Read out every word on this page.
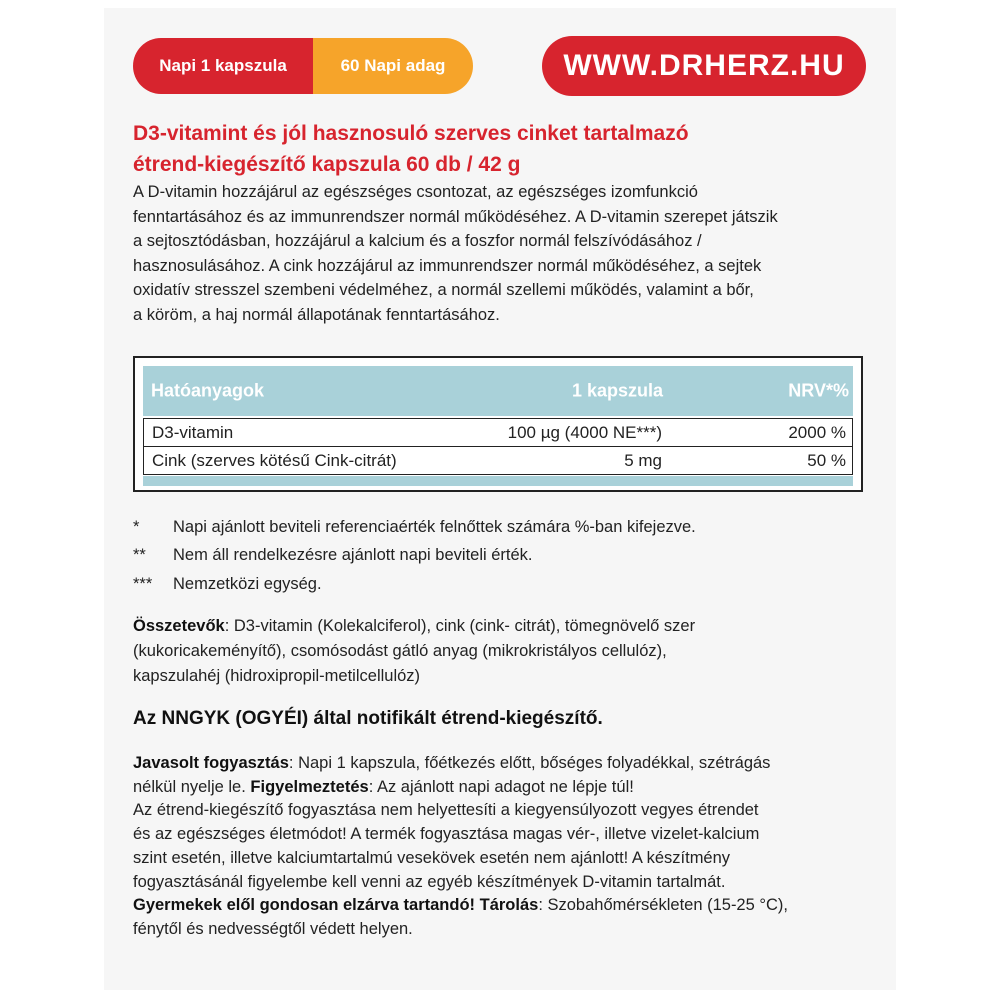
Napi 1 kapszula	60 Napi adag	WWW.DRHERZ.HU
D3-vitamint és jól hasznosuló szerves cinket tartalmazó
étrend-kiegészítő kapszula 60 db / 42 g
A D-vitamin hozzájárul az egészséges csontozat, az egészséges izomfunkció
fenntartásához és az immunrendszer normál működéséhez. A D-vitamin szerepet játszik
a sejtosztódásban, hozzájárul a kalcium és a foszfor normál felszívódásához /
hasznosulásához. A cink hozzájárul az immunrendszer normál működéséhez, a sejtek
oxidatív stresszel szembeni védelméhez, a normál szellemi működés, valamint a bőr,
a köröm, a haj normál állapotának fenntartásához.
Hatóanyagok	1 kapszula	NRV*%
D3-vitamin	100 µg (4000 NE***)	2000 %
Cink (szerves kötésű Cink-citrát)	5 mg	50 %
* Napi ajánlott beviteli referenciaérték felnőttek számára %-ban kifejezve.
** Nem áll rendelkezésre ajánlott napi beviteli érték.
*** Nemzetközi egység.
Összetevők: D3-vitamin (Kolekalciferol), cink (cink- citrát), tömegnövelő szer
(kukoricakeményítő), csomósodást gátló anyag (mikrokristályos cellulóz),
kapszulahéj (hidroxipropil-metilcellulóz)
Az NNGYK (OGYÉI) által notifikált étrend-kiegészítő.
Javasolt fogyasztás: Napi 1 kapszula, főétkezés előtt, bőséges folyadékkal, szétrágás
nélkül nyelje le. Figyelmeztetés: Az ajánlott napi adagot ne lépje túl!
Az étrend-kiegészítő fogyasztása nem helyettesíti a kiegyensúlyozott vegyes étrendet
és az egészséges életmódot! A termék fogyasztása magas vér-, illetve vizelet-kalcium
szint esetén, illetve kalciumtartalmú vesekövek esetén nem ajánlott! A készítmény
fogyasztásánál figyelembe kell venni az egyéb készítmények D-vitamin tartalmát.
Gyermekek elől gondosan elzárva tartandó! Tárolás: Szobahőmérsékleten (15-25 °C),
fénytől és nedvességtől védett helyen.
